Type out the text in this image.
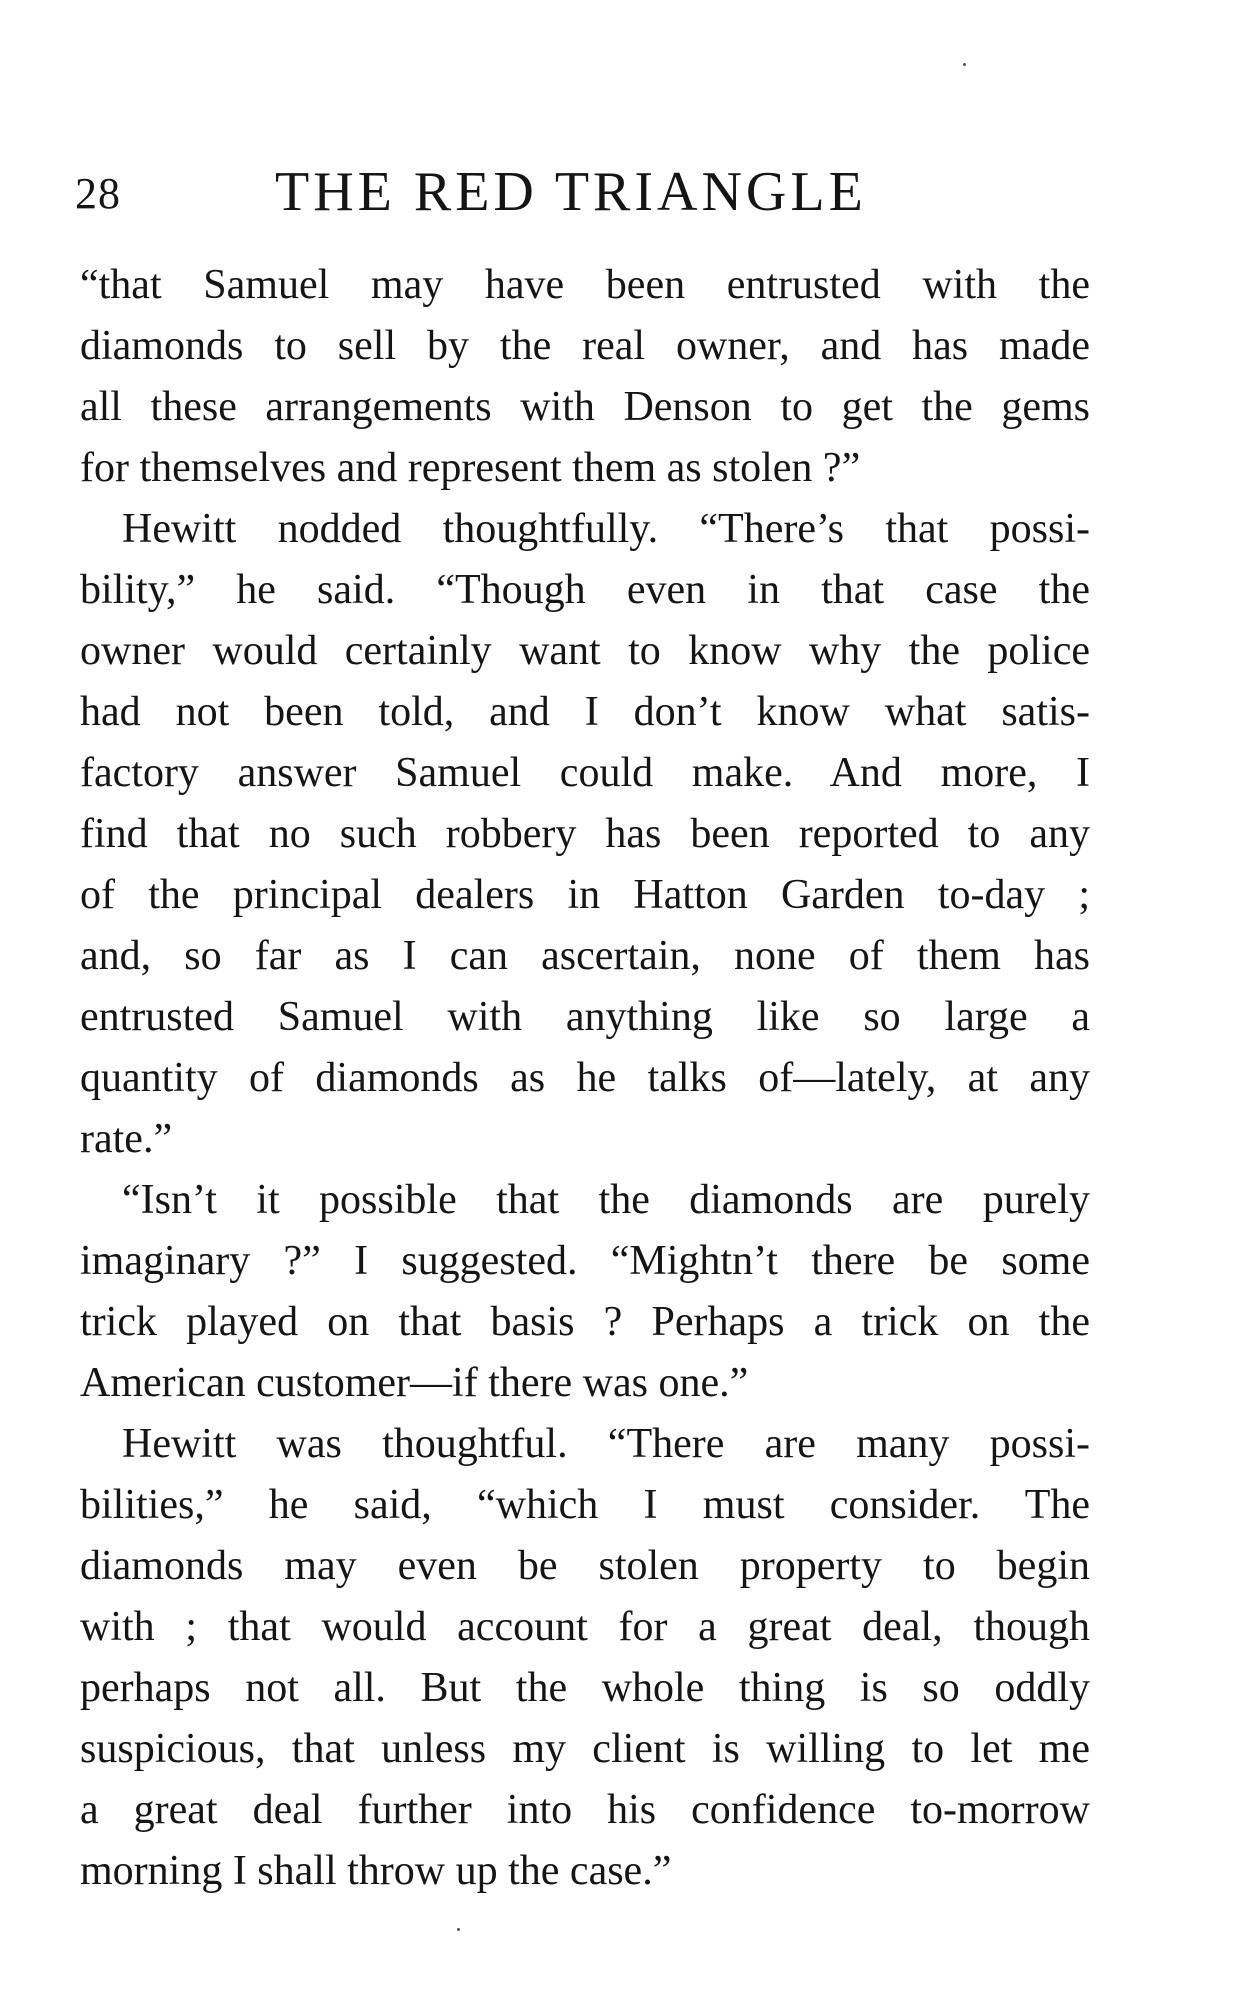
28	THE RED TRIANGLE
“that Samuel may have been entrusted with the
diamonds to sell by the real owner, and has made
all these arrangements with Denson to get the gems
for themselves and represent them as stolen ?”
Hewitt nodded thoughtfully. “There’s that possi-
bility,” he said. “Though even in that case the
owner would certainly want to know why the police
had not been told, and I don’t know what satis-
factory answer Samuel could make. And more, I
find that no such robbery has been reported to any
of the principal dealers in Hatton Garden to-day ;
and, so far as I can ascertain, none of them has
entrusted Samuel with anything like so large a
quantity of diamonds as he talks of—lately, at any
rate.”
“Isn’t it possible that the diamonds are purely
imaginary ?” I suggested. “Mightn’t there be some
trick played on that basis ? Perhaps a trick on the
American customer—if there was one.”
Hewitt was thoughtful. “There are many possi-
bilities,” he said, “which I must consider. The
diamonds may even be stolen property to begin
with ; that would account for a great deal, though
perhaps not all. But the whole thing is so oddly
suspicious, that unless my client is willing to let me
a great deal further into his confidence to-morrow
morning I shall throw up the case.”
